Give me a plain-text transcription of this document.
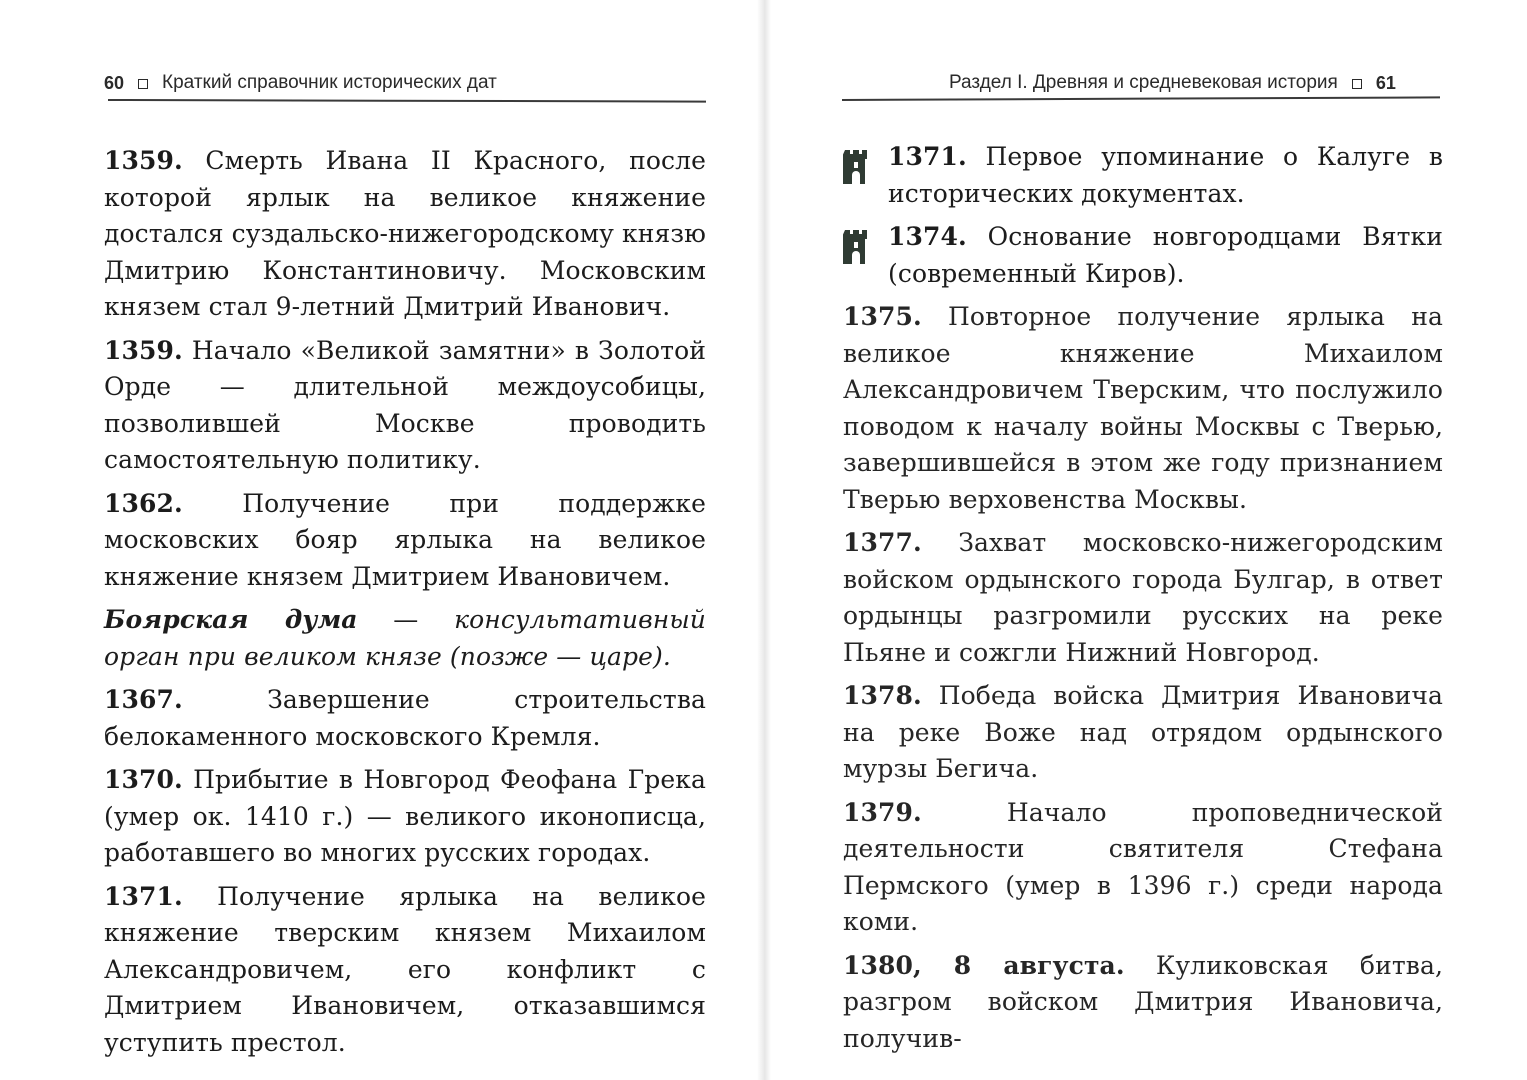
60 Краткий справочник исторических дат

1359. Смерть Ивана II Красного, после которой ярлык на великое княжение достался суздальско-нижегородскому князю Дмитрию Константиновичу. Московским князем стал 9-летний Дмитрий Иванович.

1359. Начало «Великой замятни» в Золотой Орде — длительной междоусобицы, позволившей Москве проводить самостоятельную политику.

1362. Получение при поддержке московских бояр ярлыка на великое княжение князем Дмитрием Ивановичем.

Боярская дума — консультативный орган при великом князе (позже — царе).

1367.	Завершение строительства белокаменного московского Кремля.

1370. Прибытие в Новгород Феофана Грека (умер ок. 1410 г.) — великого иконописца, работавшего во многих русских городах.

1371. Получение ярлыка на великое княжение тверским князем Михаилом Александровичем, его конфликт с Дмитрием Ивановичем, отказавшимся уступить престол.

Раздел I. Древняя и средневековая история 61

1371. Первое упоминание о Калуге в исторических документах.

1374. Основание новгородцами Вятки (современный Киров).

1375. Повторное получение ярлыка на великое княжение Михаилом Александровичем Тверским, что послужило поводом к началу войны Москвы с Тверью, завершившейся в этом же году признанием Тверью верховенства Москвы.

1377. Захват московско-нижегородским войском ордынского города Булгар, в ответ ордынцы разгромили русских на реке Пьяне и сожгли Нижний Новгород.

1378. Победа войска Дмитрия Ивановича на реке Воже над отрядом ордынского мурзы Бегича.

1379.	Начало проповеднической деятельности святителя Стефана Пермского (умер в 1396 г.) среди народа коми.

1380, 8 августа. Куликовская битва, разгром войском Дмитрия Ивановича, получив-
